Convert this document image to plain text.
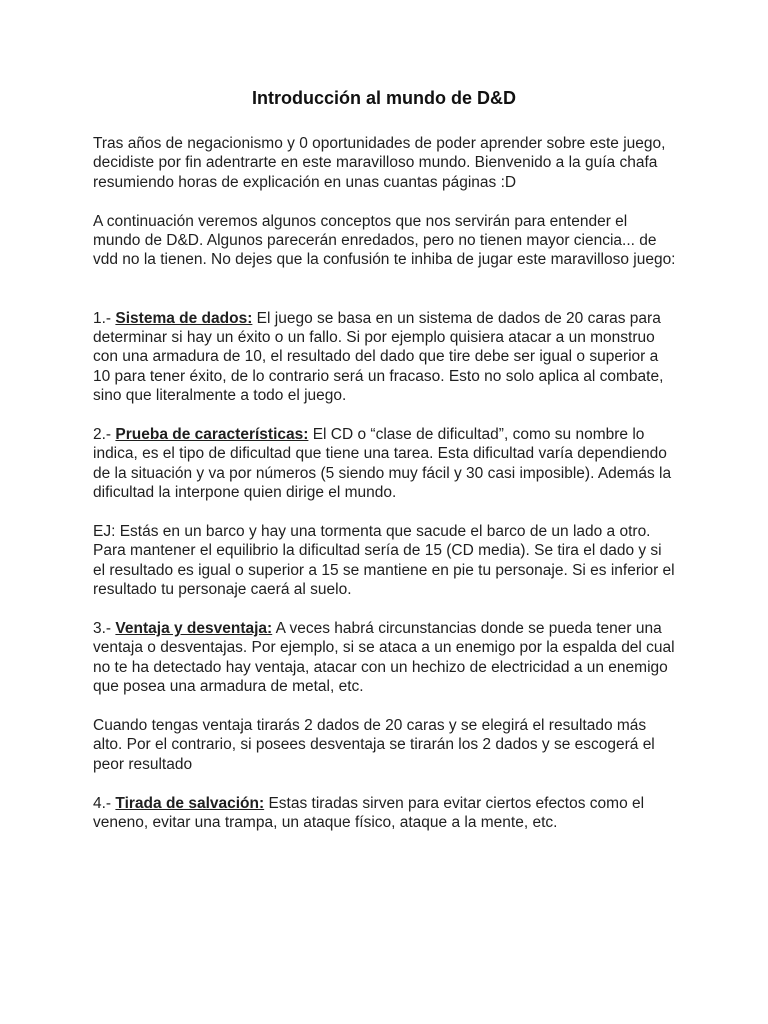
Introducción al mundo de D&D

Tras años de negacionismo y 0 oportunidades de poder aprender sobre este juego,
decidiste por fin adentrarte en este maravilloso mundo. Bienvenido a la guía chafa
resumiendo horas de explicación en unas cuantas páginas :D

A continuación veremos algunos conceptos que nos servirán para entender el
mundo de D&D. Algunos parecerán enredados, pero no tienen mayor ciencia... de
vdd no la tienen. No dejes que la confusión te inhiba de jugar este maravilloso juego:

1.- Sistema de dados: El juego se basa en un sistema de dados de 20 caras para
determinar si hay un éxito o un fallo. Si por ejemplo quisiera atacar a un monstruo
con una armadura de 10, el resultado del dado que tire debe ser igual o superior a
10 para tener éxito, de lo contrario será un fracaso. Esto no solo aplica al combate,
sino que literalmente a todo el juego.

2.- Prueba de características: El CD o “clase de dificultad”, como su nombre lo
indica, es el tipo de dificultad que tiene una tarea. Esta dificultad varía dependiendo
de la situación y va por números (5 siendo muy fácil y 30 casi imposible). Además la
dificultad la interpone quien dirige el mundo.

EJ: Estás en un barco y hay una tormenta que sacude el barco de un lado a otro.
Para mantener el equilibrio la dificultad sería de 15 (CD media). Se tira el dado y si
el resultado es igual o superior a 15 se mantiene en pie tu personaje. Si es inferior el
resultado tu personaje caerá al suelo.

3.- Ventaja y desventaja: A veces habrá circunstancias donde se pueda tener una
ventaja o desventajas. Por ejemplo, si se ataca a un enemigo por la espalda del cual
no te ha detectado hay ventaja, atacar con un hechizo de electricidad a un enemigo
que posea una armadura de metal, etc.

Cuando tengas ventaja tirarás 2 dados de 20 caras y se elegirá el resultado más
alto. Por el contrario, si posees desventaja se tirarán los 2 dados y se escogerá el
peor resultado

4.- Tirada de salvación: Estas tiradas sirven para evitar ciertos efectos como el
veneno, evitar una trampa, un ataque físico, ataque a la mente, etc.
